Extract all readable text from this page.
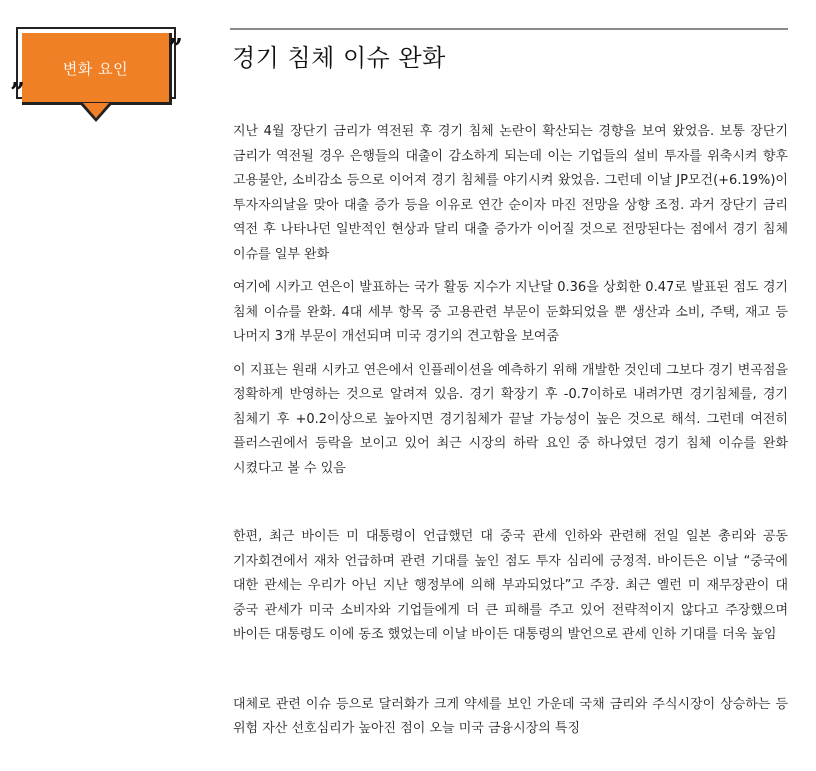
변화 요인
”
”
경기 침체 이슈 완화

지난 4월 장단기 금리가 역전된 후 경기 침체 논란이 확산되는 경향을 보여 왔었음. 보통 장단기 금리가 역전될 경우 은행들의 대출이 감소하게 되는데 이는 기업들의 설비 투자를 위축시켜 향후 고용불안, 소비감소 등으로 이어져 경기 침체를 야기시켜 왔었음. 그런데 이날 JP모건(+6.19%)이 투자자의날을 맞아 대출 증가 등을 이유로 연간 순이자 마진 전망을 상향 조정. 과거 장단기 금리 역전 후 나타나던 일반적인 현상과 달리 대출 증가가 이어질 것으로 전망된다는 점에서 경기 침체 이슈를 일부 완화

여기에 시카고 연은이 발표하는 국가 활동 지수가 지난달 0.36을 상회한 0.47로 발표된 점도 경기 침체 이슈를 완화. 4대 세부 항목 중 고용관련 부문이 둔화되었을 뿐 생산과 소비, 주택, 재고 등 나머지 3개 부문이 개선되며 미국 경기의 견고함을 보여줌

이 지표는 원래 시카고 연은에서 인플레이션을 예측하기 위해 개발한 것인데 그보다 경기 변곡점을 정확하게 반영하는 것으로 알려져 있음. 경기 확장기 후 -0.7이하로 내려가면 경기침체를, 경기 침체기 후 +0.2이상으로 높아지면 경기침체가 끝날 가능성이 높은 것으로 해석. 그런데 여전히 플러스권에서 등락을 보이고 있어 최근 시장의 하락 요인 중 하나였던 경기 침체 이슈를 완화 시켰다고 볼 수 있음

한편, 최근 바이든 미 대통령이 언급했던 대 중국 관세 인하와 관련해 전일 일본 총리와 공동 기자회견에서 재차 언급하며 관련 기대를 높인 점도 투자 심리에 긍정적. 바이든은 이날 “중국에 대한 관세는 우리가 아닌 지난 행정부에 의해 부과되었다”고 주장. 최근 옐런 미 재무장관이 대 중국 관세가 미국 소비자와 기업들에게 더 큰 피해를 주고 있어 전략적이지 않다고 주장했으며 바이든 대통령도 이에 동조 했었는데 이날 바이든 대통령의 발언으로 관세 인하 기대를 더욱 높임

대체로 관련 이슈 등으로 달러화가 크게 약세를 보인 가운데 국채 금리와 주식시장이 상승하는 등 위험 자산 선호심리가 높아진 점이 오늘 미국 금융시장의 특징
